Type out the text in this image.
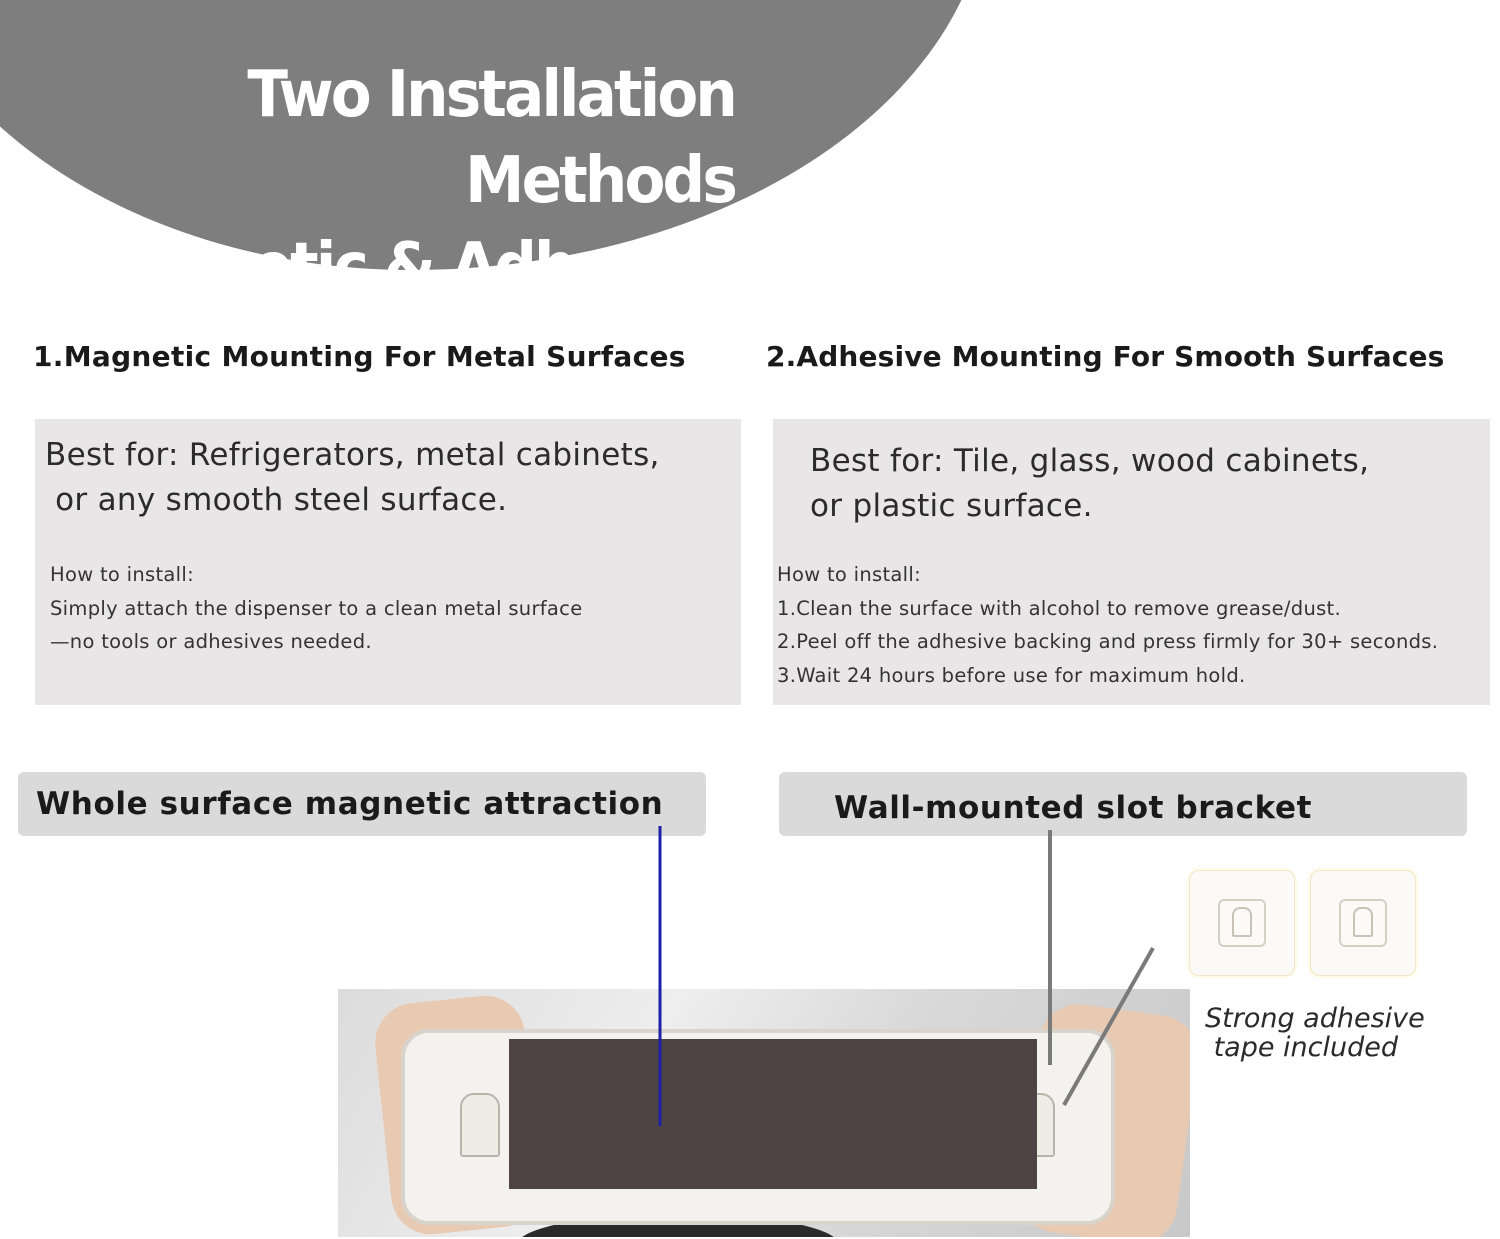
Two Installation Methods
Magnetic & Adhesive
1.Magnetic Mounting For Metal Surfaces	2.Adhesive Mounting For Smooth Surfaces

Best for: Refrigerators, metal cabinets,
or any smooth steel surface.

How to install:
Simply attach the dispenser to a clean metal surface
—no tools or adhesives needed.

Best for: Tile, glass, wood cabinets,
or plastic surface.

How to install:
1.Clean the surface with alcohol to remove grease/dust.
2.Peel off the adhesive backing and press firmly for 30+ seconds.
3.Wait 24 hours before use for maximum hold.

Whole surface magnetic attraction	Wall-mounted slot bracket

Strong adhesive
tape included
